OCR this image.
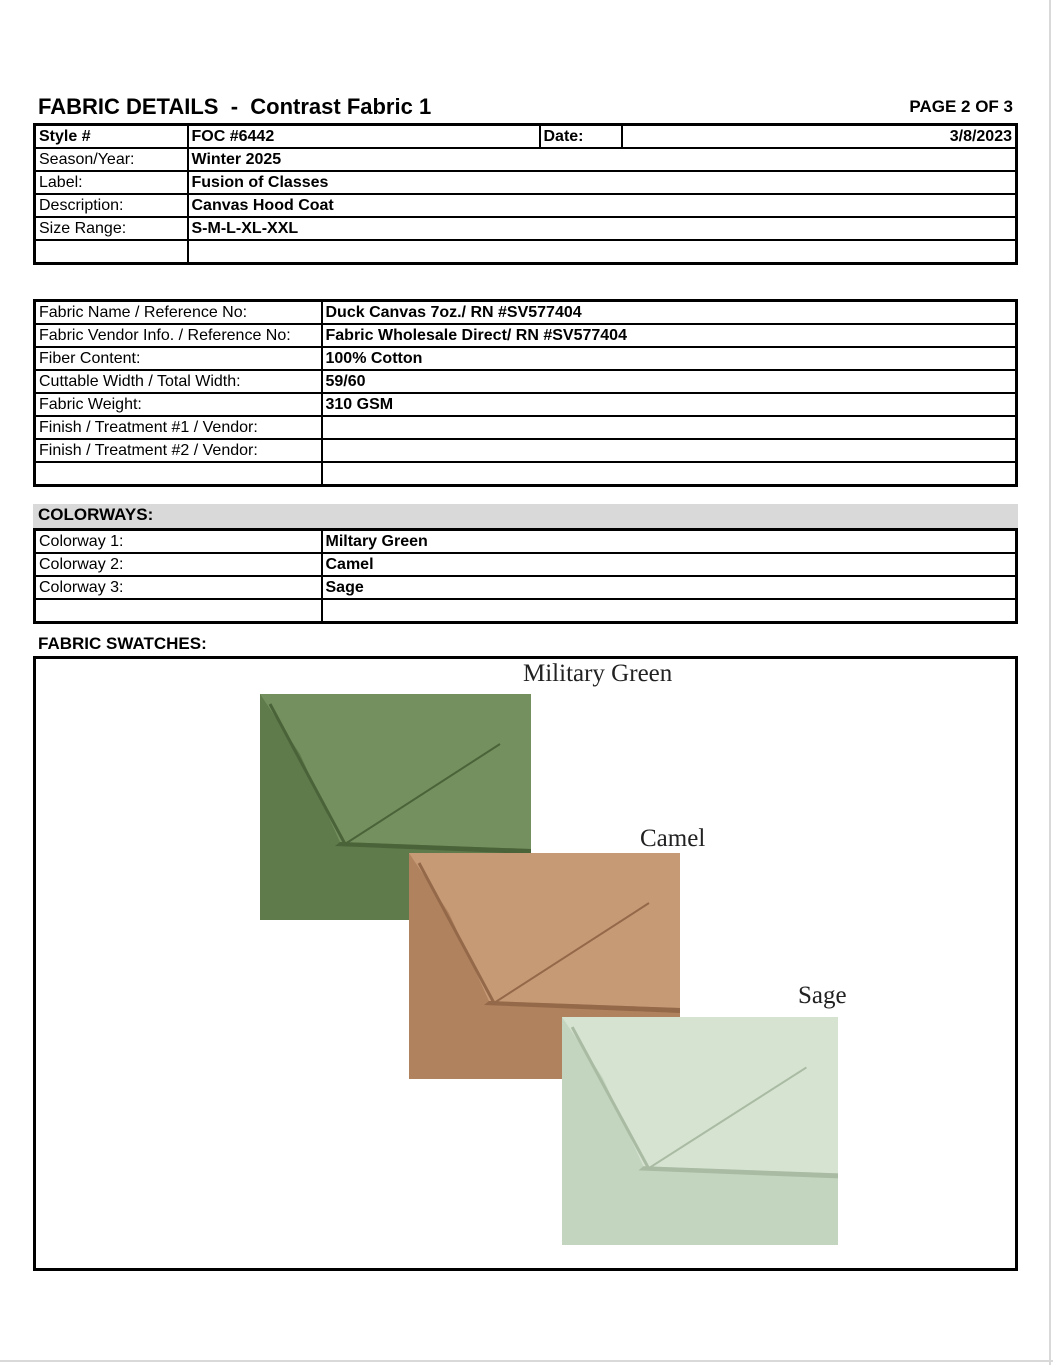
FABRIC DETAILS  -  Contrast Fabric 1	PAGE 2 OF 3
Style #	FOC #6442	Date:	3/8/2023
Season/Year:	Winter 2025		
Label:	Fusion of Classes		
Description:	Canvas Hood Coat		
Size Range:	S-M-L-XL-XXL		

Fabric Name / Reference No:	Duck Canvas 7oz./ RN #SV577404
Fabric Vendor Info. / Reference No:	Fabric Wholesale Direct/ RN #SV577404
Fiber Content:	100% Cotton
Cuttable Width / Total Width:	59/60
Fabric Weight:	310 GSM
Finish / Treatment #1 / Vendor:	
Finish / Treatment #2 / Vendor:	

COLORWAYS:
Colorway 1:	Miltary Green
Colorway 2:	Camel
Colorway 3:	Sage

FABRIC SWATCHES:
Military Green
Camel
Sage
